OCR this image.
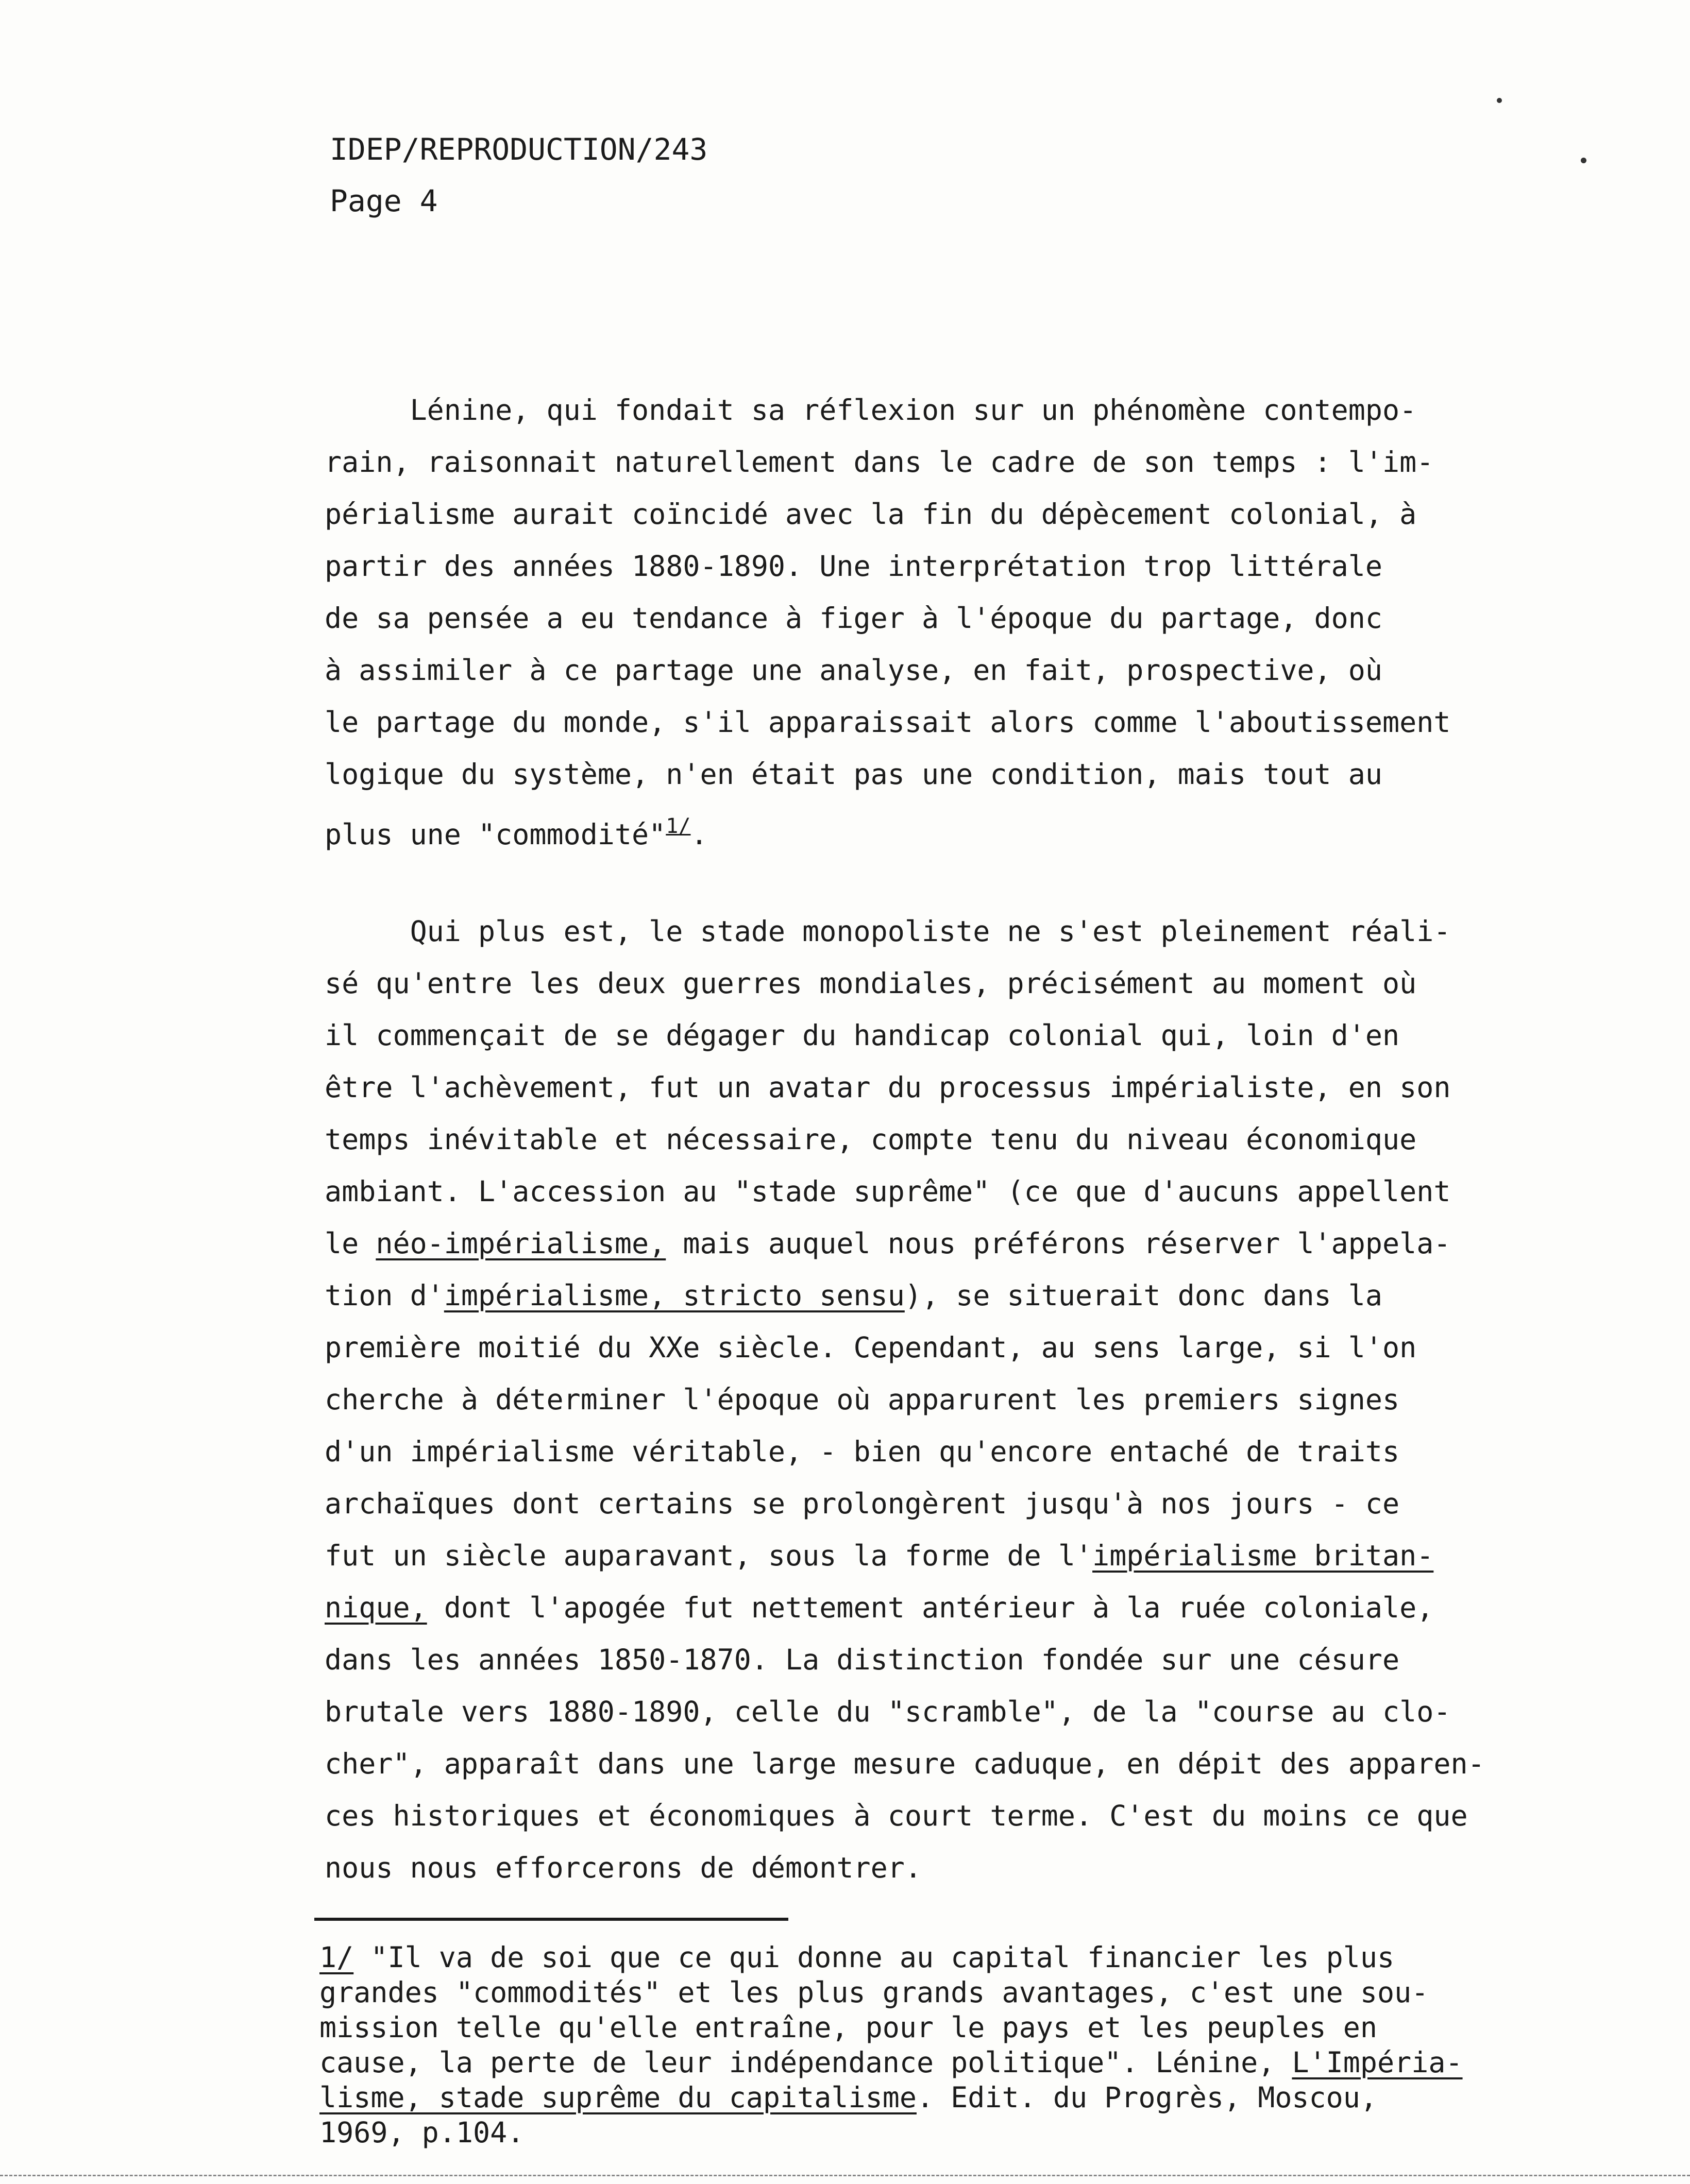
IDEP/REPRODUCTION/243
Page 4
Lénine, qui fondait sa réflexion sur un phénomène contempo-
rain, raisonnait naturellement dans le cadre de son temps : l'im-
périalisme aurait coïncidé avec la fin du dépècement colonial, à
partir des années 1880-1890. Une interprétation trop littérale
de sa pensée a eu tendance à figer à l'époque du partage, donc
à assimiler à ce partage une analyse, en fait, prospective, où
le partage du monde, s'il apparaissait alors comme l'aboutissement
logique du système, n'en était pas une condition, mais tout au
plus une "commodité"$^{1/}$.
Qui plus est, le stade monopoliste ne s'est pleinement réali-
sé qu'entre les deux guerres mondiales, précisément au moment où
il commençait de se dégager du handicap colonial qui, loin d'en
être l'achèvement, fut un avatar du processus impérialiste, en son
temps inévitable et nécessaire, compte tenu du niveau économique
ambiant. L'accession au "stade suprême" (ce que d'aucuns appellent
le néo-impérialisme, mais auquel nous préférons réserver l'appela-
tion d'impérialisme, stricto sensu), se situerait donc dans la
première moitié du XXe siècle. Cependant, au sens large, si l'on
cherche à déterminer l'époque où apparurent les premiers signes
d'un impérialisme véritable, - bien qu'encore entaché de traits
archaïques dont certains se prolongèrent jusqu'à nos jours - ce
fut un siècle auparavant, sous la forme de l'impérialisme britan-
nique, dont l'apogée fut nettement antérieur à la ruée coloniale,
dans les années 1850-1870. La distinction fondée sur une césure
brutale vers 1880-1890, celle du "scramble", de la "course au clo-
cher", apparaît dans une large mesure caduque, en dépit des apparen-
ces historiques et économiques à court terme. C'est du moins ce que
nous nous efforcerons de démontrer.
1/ "Il va de soi que ce qui donne au capital financier les plus
grandes "commodités" et les plus grands avantages, c'est une sou-
mission telle qu'elle entraîne, pour le pays et les peuples en
cause, la perte de leur indépendance politique". Lénine, L'Impéria-
lisme, stade suprême du capitalisme. Edit. du Progrès, Moscou,
1969, p.104.
